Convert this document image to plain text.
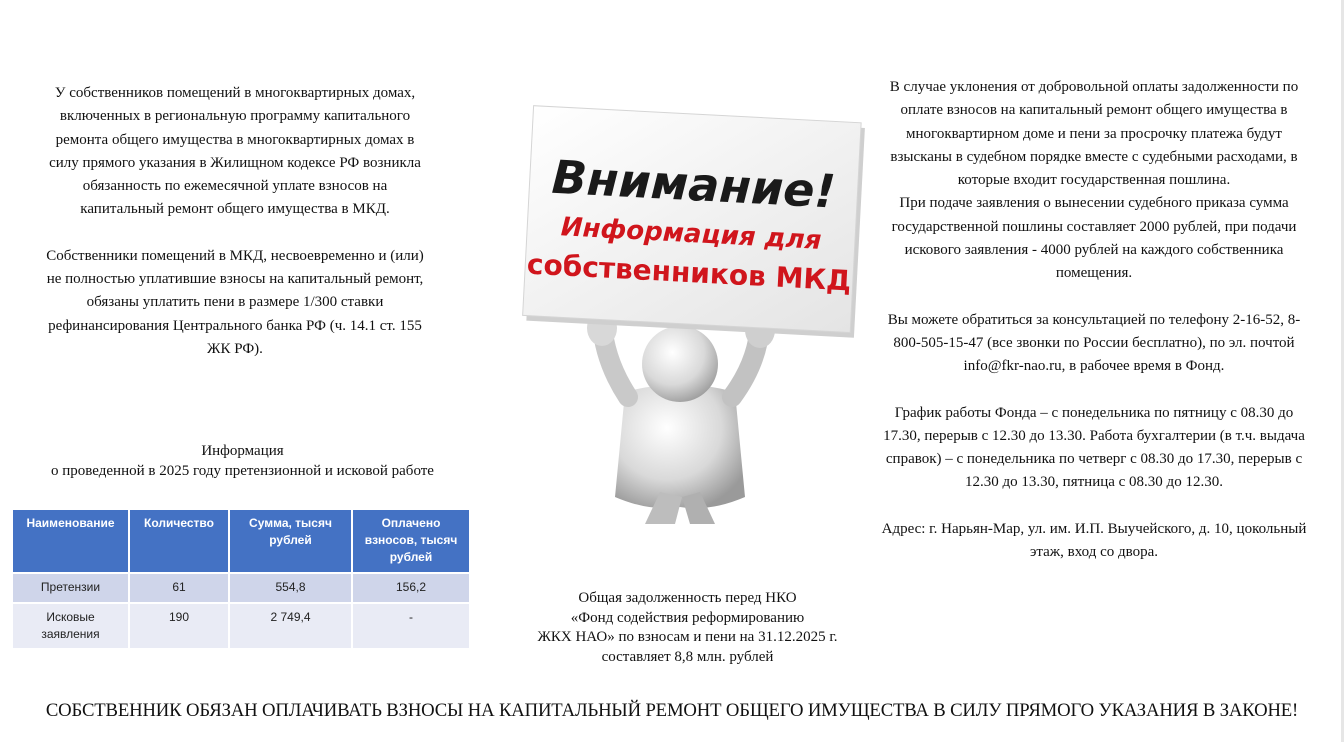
У собственников помещений в многоквартирных домах, включенных в региональную программу капитального ремонта общего имущества в многоквартирных домах в силу прямого указания в Жилищном кодексе РФ возникла обязанность по ежемесячной уплате взносов на капитальный ремонт общего имущества в МКД.

Собственники помещений в МКД, несвоевременно и (или) не полностью уплатившие взносы на капитальный ремонт, обязаны уплатить пени в размере 1/300 ставки рефинансирования Центрального банка РФ (ч. 14.1 ст. 155 ЖК РФ).

Информация
о проведенной в 2025 году претензионной и исковой работе
Наименование	Количество	Сумма, тысяч рублей	Оплачено взносов, тысяч рублей
Претензии	61	554,8	156,2
Исковые заявления	190	2 749,4	-
Внимание!
Информация для
собственников МКД
Общая задолженность перед НКО
«Фонд содействия реформированию
ЖКХ НАО» по взносам и пени на 31.12.2025 г.
составляет 8,8 млн. рублей

В случае уклонения от добровольной оплаты задолженности по оплате взносов на капитальный ремонт общего имущества в многоквартирном доме и пени за просрочку платежа будут взысканы в судебном порядке вместе с судебными расходами, в которые входит государственная пошлина.

При подаче заявления о вынесении судебного приказа сумма государственной пошлины составляет 2000 рублей, при подачи искового заявления - 4000 рублей на каждого собственника помещения.

Вы можете обратиться за консультацией по телефону 2-16-52, 8-800-505-15-47 (все звонки по России бесплатно), по эл. почтой info@fkr-nao.ru, в рабочее время в Фонд.

График работы Фонда – с понедельника по пятницу с 08.30 до 17.30, перерыв с 12.30 до 13.30. Работа бухгалтерии (в т.ч. выдача справок) – с понедельника по четверг с 08.30 до 17.30, перерыв с 12.30 до 13.30, пятница с 08.30 до 12.30.

Адрес: г. Нарьян-Мар, ул. им. И.П. Выучейского, д. 10, цокольный этаж, вход со двора.

СОБСТВЕННИК ОБЯЗАН ОПЛАЧИВАТЬ ВЗНОСЫ НА КАПИТАЛЬНЫЙ РЕМОНТ ОБЩЕГО ИМУЩЕСТВА В СИЛУ ПРЯМОГО УКАЗАНИЯ В ЗАКОНЕ!
